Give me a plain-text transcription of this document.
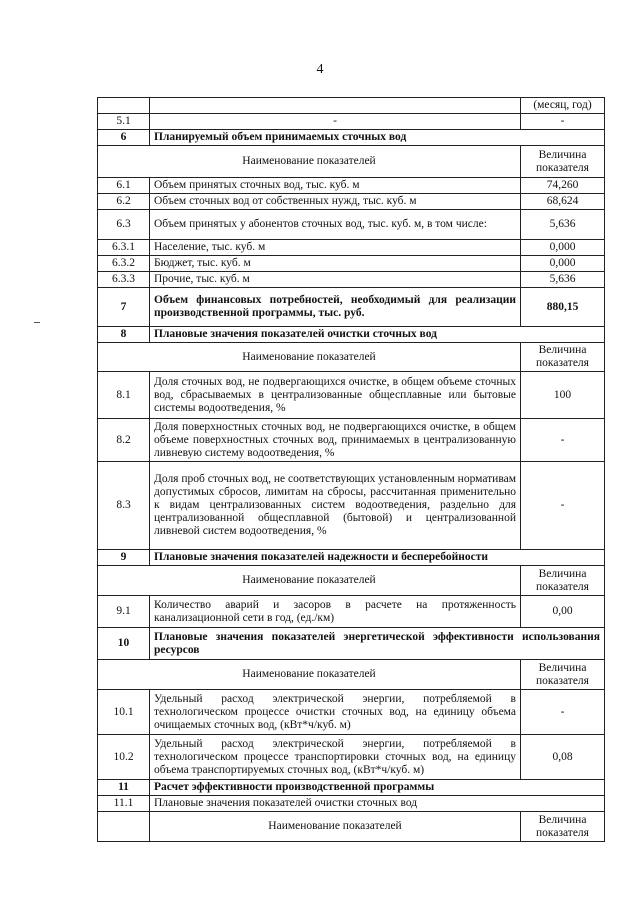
4
		(месяц, год)
5.1	-	-
6	Планируемый объем принимаемых сточных вод	
Наименование показателей		Величина показателя
6.1	Объем принятых сточных вод, тыс. куб. м	74,260
6.2	Объем сточных вод от собственных нужд, тыс. куб. м	68,624
6.3	Объем принятых у абонентов сточных вод, тыс. куб. м, в том числе:	5,636
6.3.1	Население, тыс. куб. м	0,000
6.3.2	Бюджет, тыс. куб. м	0,000
6.3.3	Прочие, тыс. куб. м	5,636
7	Объем финансовых потребностей, необходимый для реализации производственной программы, тыс. руб.	880,15
8	Плановые значения показателей очистки сточных вод	
Наименование показателей		Величина показателя
8.1	Доля сточных вод, не подвергающихся очистке, в общем объеме сточных вод, сбрасываемых в централизованные общесплавные или бытовые системы водоотведения, %	100
8.2	Доля поверхностных сточных вод, не подвергающихся очистке, в общем объеме поверхностных сточных вод, принимаемых в централизованную ливневую систему водоотведения, %	-
8.3	Доля проб сточных вод, не соответствующих установленным нормативам допустимых сбросов, лимитам на сбросы, рассчитанная применительно к видам централизованных систем водоотведения, раздельно для централизованной общесплавной (бытовой) и централизованной ливневой систем водоотведения, %	-
9	Плановые значения показателей надежности и бесперебойности	
Наименование показателей		Величина показателя
9.1	Количество аварий и засоров в расчете на протяженность канализационной сети в год, (ед./км)	0,00
10	Плановые значения показателей энергетической эффективности использования ресурсов	
Наименование показателей		Величина показателя
10.1	Удельный расход электрической энергии, потребляемой в технологическом процессе очистки сточных вод, на единицу объема очищаемых сточных вод, (кВт*ч/куб. м)	-
10.2	Удельный расход электрической энергии, потребляемой в технологическом процессе транспортировки сточных вод, на единицу объема транспортируемых сточных вод, (кВт*ч/куб. м)	0,08
11	Расчет эффективности производственной программы	
11.1	Плановые значения показателей очистки сточных вод	
	Наименование показателей	Величина показателя
